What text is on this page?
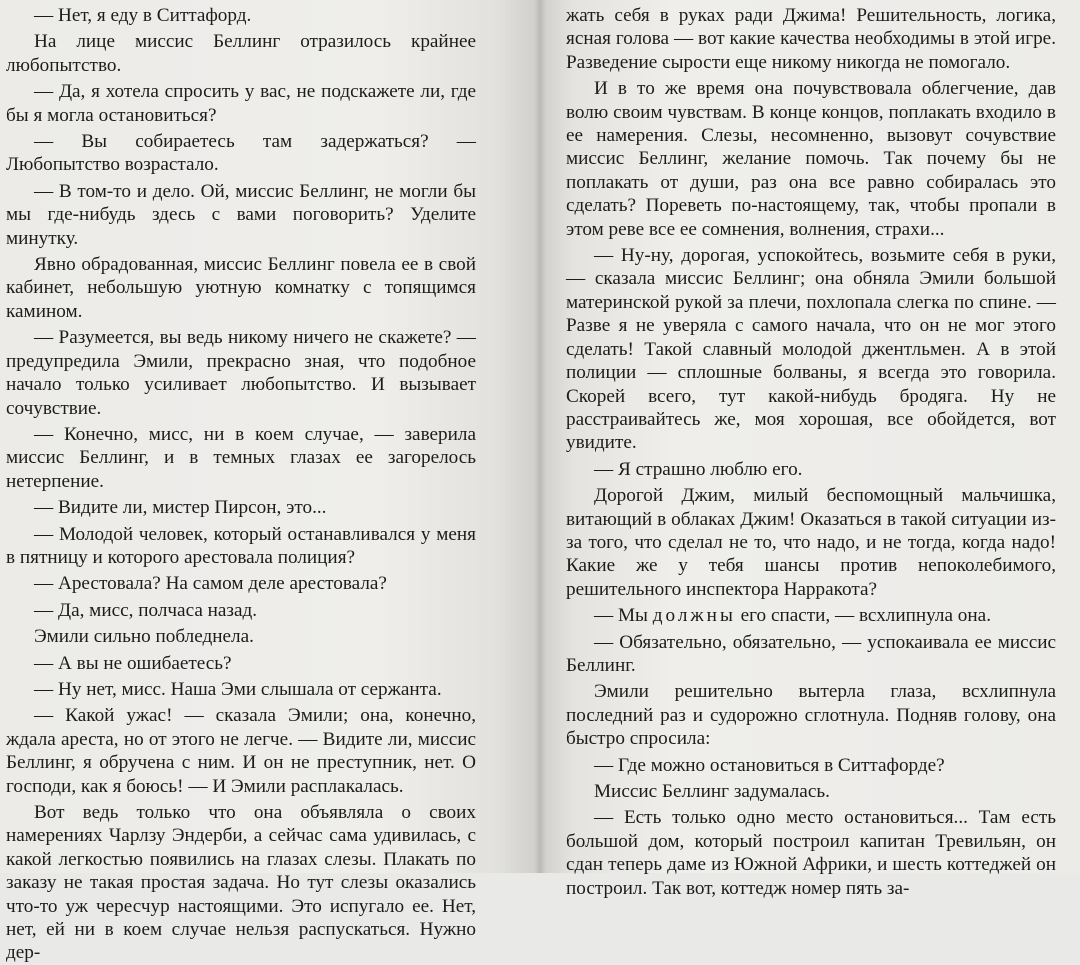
— Нет, я еду в Ситтафорд.

На лице миссис Беллинг отразилось крайнее любопытство.

— Да, я хотела спросить у вас, не подскажете ли, где бы я могла остановиться?

— Вы собираетесь там задержаться? — Любопытство возрастало.

— В том-то и дело. Ой, миссис Беллинг, не могли бы мы где-нибудь здесь с вами поговорить? Уделите минутку.

Явно обрадованная, миссис Беллинг повела ее в свой кабинет, небольшую уютную комнатку с топящимся камином.

— Разумеется, вы ведь никому ничего не скажете? — предупредила Эмили, прекрасно зная, что подобное начало только усиливает любопытство. И вызывает сочувствие.

— Конечно, мисс, ни в коем случае, — заверила миссис Беллинг, и в темных глазах ее загорелось нетерпение.

— Видите ли, мистер Пирсон, это...

— Молодой человек, который останавливался у меня в пятницу и которого арестовала полиция?

— Арестовала? На самом деле арестовала?

— Да, мисс, полчаса назад.

Эмили сильно побледнела.

— А вы не ошибаетесь?

— Ну нет, мисс. Наша Эми слышала от сержанта.

— Какой ужас! — сказала Эмили; она, конечно, ждала ареста, но от этого не легче. — Видите ли, миссис Беллинг, я обручена с ним. И он не преступник, нет. О господи, как я боюсь! — И Эмили расплакалась.

Вот ведь только что она объявляла о своих намерениях Чарлзу Эндерби, а сейчас сама удивилась, с какой легкостью появились на глазах слезы. Плакать по заказу не такая простая задача. Но тут слезы оказались что-то уж чересчур настоящими. Это испугало ее. Нет, нет, ей ни в коем случае нельзя распускаться. Нужно дер-

жать себя в руках ради Джима! Решительность, логика, ясная голова — вот какие качества необходимы в этой игре. Разведение сырости еще никому никогда не помогало.

И в то же время она почувствовала облегчение, дав волю своим чувствам. В конце концов, поплакать входило в ее намерения. Слезы, несомненно, вызовут сочувствие миссис Беллинг, желание помочь. Так почему бы не поплакать от души, раз она все равно собиралась это сделать? Пореветь по-настоящему, так, чтобы пропали в этом реве все ее сомнения, волнения, страхи...

— Ну-ну, дорогая, успокойтесь, возьмите себя в руки, — сказала миссис Беллинг; она обняла Эмили большой материнской рукой за плечи, похлопала слегка по спине. — Разве я не уверяла с самого начала, что он не мог этого сделать! Такой славный молодой джентльмен. А в этой полиции — сплошные болваны, я всегда это говорила. Скорей всего, тут какой-нибудь бродяга. Ну не расстраивайтесь же, моя хорошая, все обойдется, вот увидите.

— Я страшно люблю его.

Дорогой Джим, милый беспомощный мальчишка, витающий в облаках Джим! Оказаться в такой ситуации из-за того, что сделал не то, что надо, и не тогда, когда надо! Какие же у тебя шансы против непоколебимого, решительного инспектора Нарракота?

— Мы должны его спасти, — всхлипнула она.

— Обязательно, обязательно, — успокаивала ее миссис Беллинг.

Эмили решительно вытерла глаза, всхлипнула последний раз и судорожно сглотнула. Подняв голову, она быстро спросила:

— Где можно остановиться в Ситтафорде?

Миссис Беллинг задумалась.

— Есть только одно место остановиться... Там есть большой дом, который построил капитан Тревильян, он сдан теперь даме из Южной Африки, и шесть коттеджей он построил. Так вот, коттедж номер пять за-
